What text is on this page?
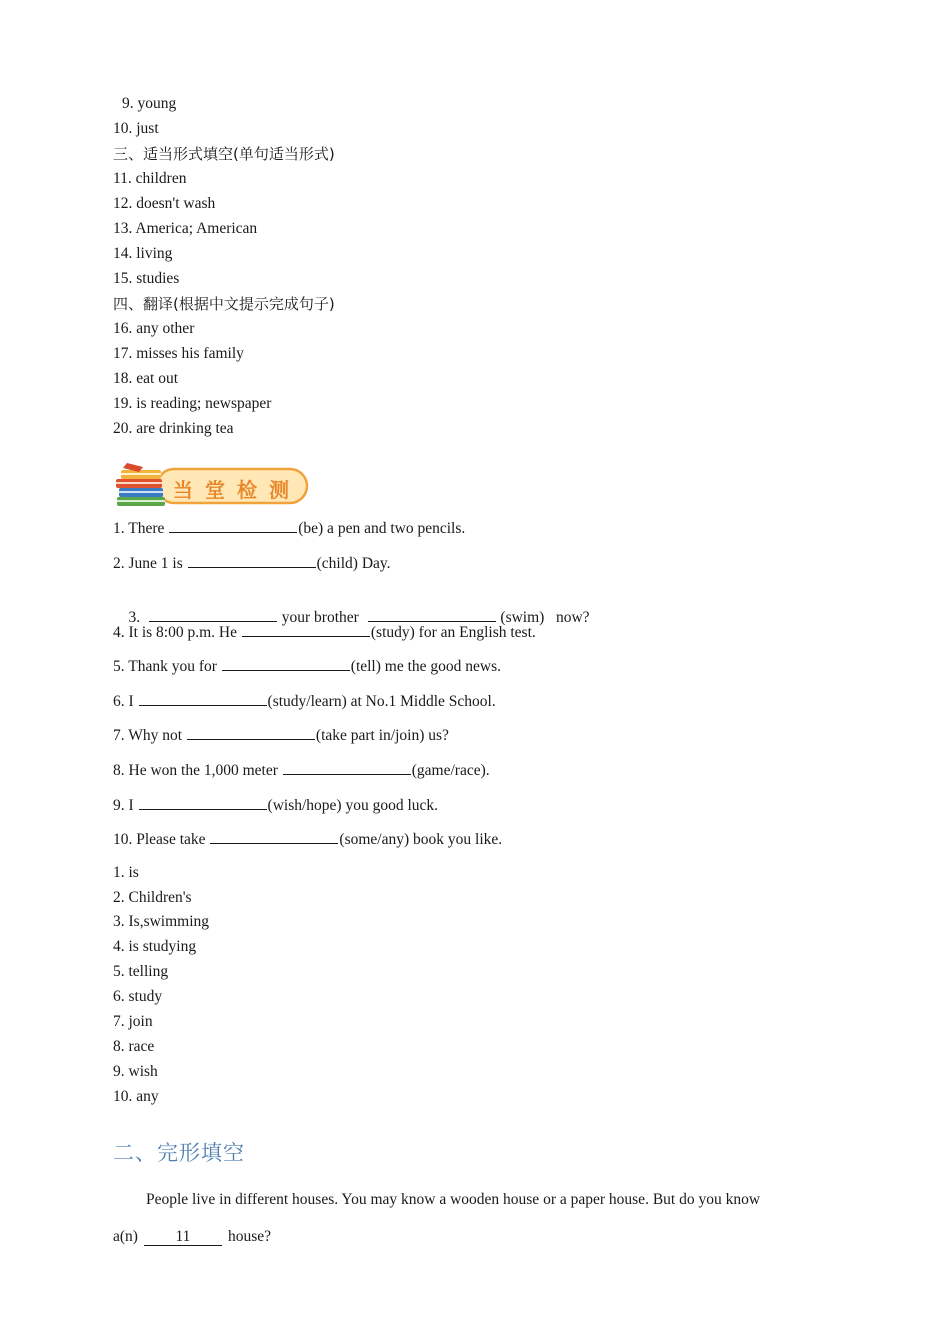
9. young
10. just
三、适当形式填空(单句适当形式)
11. children
12. doesn't wash
13. America; American
14. living
15. studies
四、翻译(根据中文提示完成句子)
16. any other
17. misses his family
18. eat out
19. is reading; newspaper
20. are drinking tea
当堂检测
1. There	(be) a pen and two pencils.
2. June 1 is	(child) Day.

3.	your brother	(swim)   now?

4. It is 8:00 p.m. He	(study) for an English test.
5. Thank you for	(tell) me the good news.
6. I	(study/learn) at No.1 Middle School.
7. Why not	(take part in/join) us?
8. He won the 1,000 meter	(game/race).
9. I	(wish/hope) you good luck.
10. Please take	(some/any) book you like.
1. is
2. Children's
3. Is,swimming
4. is studying
5. telling
6. study
7. join
8. race
9. wish
10. any
二、完形填空
People live in different houses. You may know a wooden house or a paper house. But do you know
a(n) 11 house?
